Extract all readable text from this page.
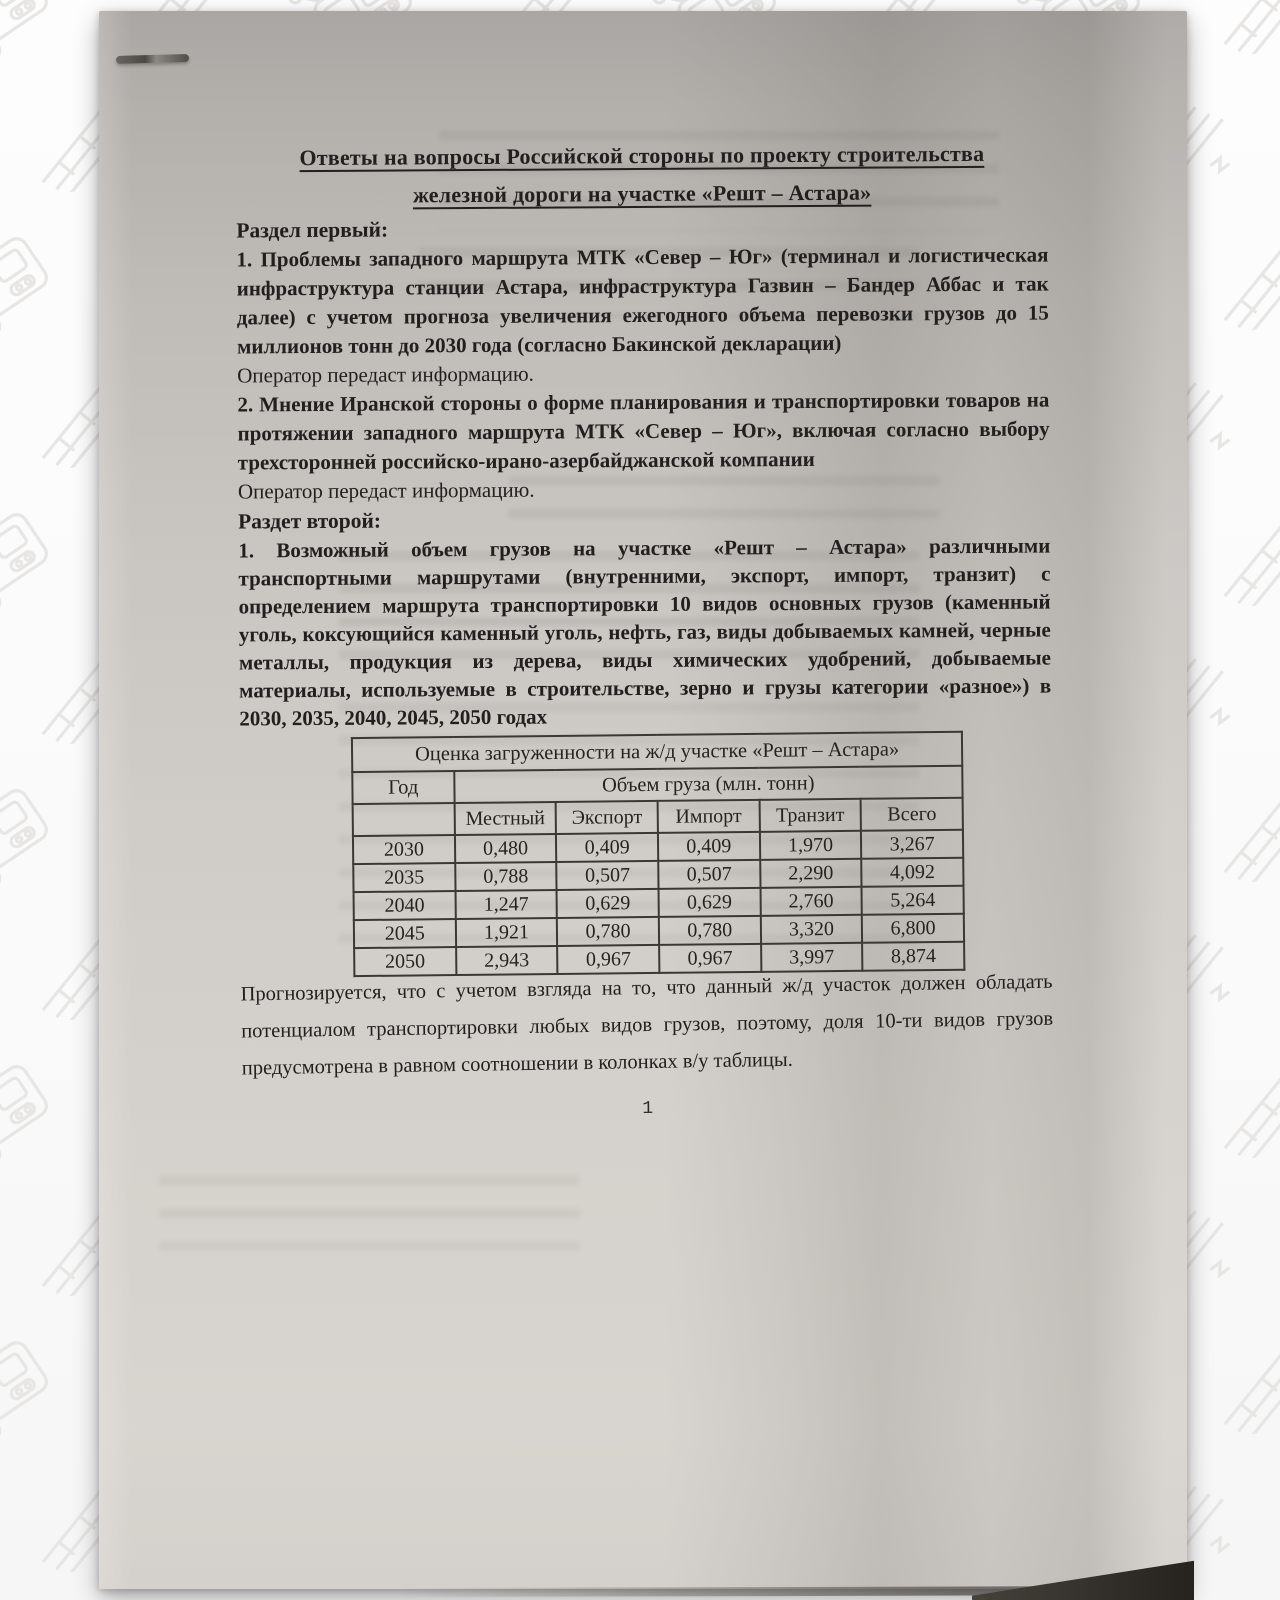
Ответы на вопросы Российской стороны по проекту строительства
железной дороги на участке «Решт – Астара»

Раздел первый:

1. Проблемы западного маршрута МТК «Север – Юг» (терминал и логистическая инфраструктура станции Астара, инфраструктура Газвин – Бандер Аббас и так далее) с учетом прогноза увеличения ежегодного объема перевозки грузов до 15 миллионов тонн до 2030 года (согласно Бакинской декларации)

Оператор передаст информацию.

2. Мнение Иранской стороны о форме планирования и транспортировки товаров на протяжении западного маршрута МТК «Север – Юг», включая согласно выбору трехсторонней российско-ирано-азербайджанской компании

Оператор передаст информацию.

Раздет второй:

1. Возможный объем грузов на участке «Решт – Астара» различными транспортными маршрутами (внутренними, экспорт, импорт, транзит) с определением маршрута транспортировки 10 видов основных грузов (каменный уголь, коксующийся каменный уголь, нефть, газ, виды добываемых камней, черные металлы, продукция из дерева, виды химических удобрений, добываемые материалы, используемые в строительстве, зерно и грузы категории «разное») в 2030, 2035, 2040, 2045, 2050 годах

Оценка загруженности на ж/д участке «Решт – Астара»					
Год	Объем груза (млн. тонн)				
	Местный	Экспорт	Импорт	Транзит	Всего
2030	0,480	0,409	0,409	1,970	3,267
2035	0,788	0,507	0,507	2,290	4,092
2040	1,247	0,629	0,629	2,760	5,264
2045	1,921	0,780	0,780	3,320	6,800
2050	2,943	0,967	0,967	3,997	8,874

Прогнозируется, что с учетом взгляда на то, что данный ж/д участок должен обладать потенциалом транспортировки любых видов грузов, поэтому, доля 10-ти видов грузов предусмотрена в равном соотношении в колонках в/у таблицы.

1
